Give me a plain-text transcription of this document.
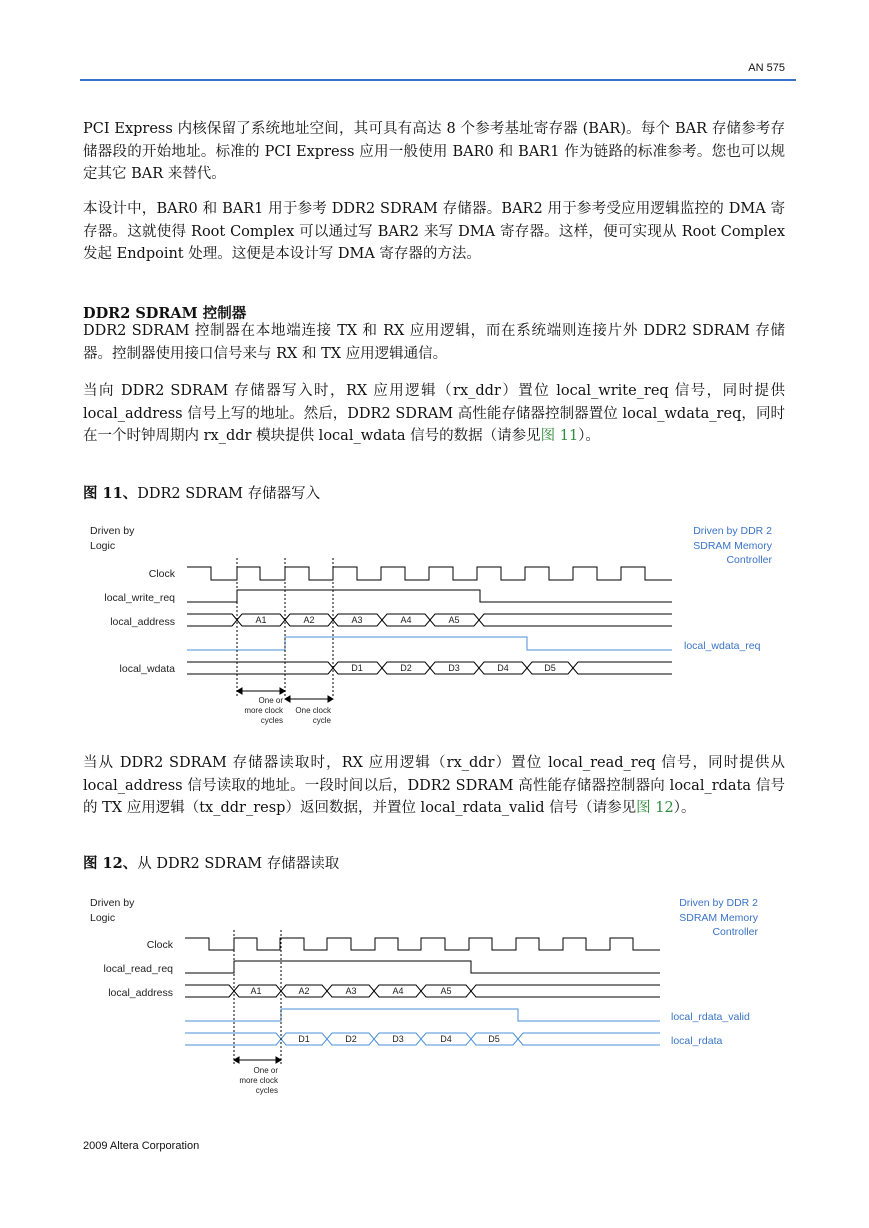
AN 575
PCI Express 内核保留了系统地址空间，其可具有高达 8 个参考基址寄存器 (BAR)。每个 BAR 存储参考存储器段的开始地址。标准的 PCI Express 应用一般使用 BAR0 和 BAR1 作为链路的标准参考。您也可以规定其它 BAR 来替代。
本设计中，BAR0 和 BAR1 用于参考 DDR2 SDRAM 存储器。BAR2 用于参考受应用逻辑监控的 DMA 寄存器。这就使得 Root Complex 可以通过写 BAR2 来写 DMA 寄存器。这样，便可实现从 Root Complex 发起 Endpoint 处理。这便是本设计写 DMA 寄存器的方法。
DDR2 SDRAM 控制器
DDR2 SDRAM 控制器在本地端连接 TX 和 RX 应用逻辑，而在系统端则连接片外 DDR2 SDRAM 存储器。控制器使用接口信号来与 RX 和 TX 应用逻辑通信。
当向 DDR2 SDRAM 存储器写入时，RX 应用逻辑（rx_ddr）置位 local_write_req 信号，同时提供 local_address 信号上写的地址。然后，DDR2 SDRAM 高性能存储器控制器置位 local_wdata_req，同时在一个时钟周期内 rx_ddr 模块提供 local_wdata 信号的数据（请参见图 11）。
图 11、DDR2 SDRAM 存储器写入
Driven by
Logic
Driven by DDR 2
SDRAM Memory
Controller
Clock
local_write_req
local_address
local_wdata_req
local_wdata
A1	A2	A3	A4	A5
D1	D2	D3	D4	D5
One or
more clock
cycles
One clock
cycle
Driven by
Logic
Driven by DDR 2
SDRAM Memory
Controller
Clock
local_read_req
local_address
local_rdata_valid
local_rdata
A1	A2	A3	A4	A5
D1	D2	D3	D4	D5
One or
more clock
cycles
当从 DDR2 SDRAM 存储器读取时，RX 应用逻辑（rx_ddr）置位 local_read_req 信号，同时提供从 local_address 信号读取的地址。一段时间以后，DDR2 SDRAM 高性能存储器控制器向 local_rdata 信号的 TX 应用逻辑（tx_ddr_resp）返回数据，并置位 local_rdata_valid 信号（请参见图 12）。
图 12、从 DDR2 SDRAM 存储器读取
2009 Altera Corporation
